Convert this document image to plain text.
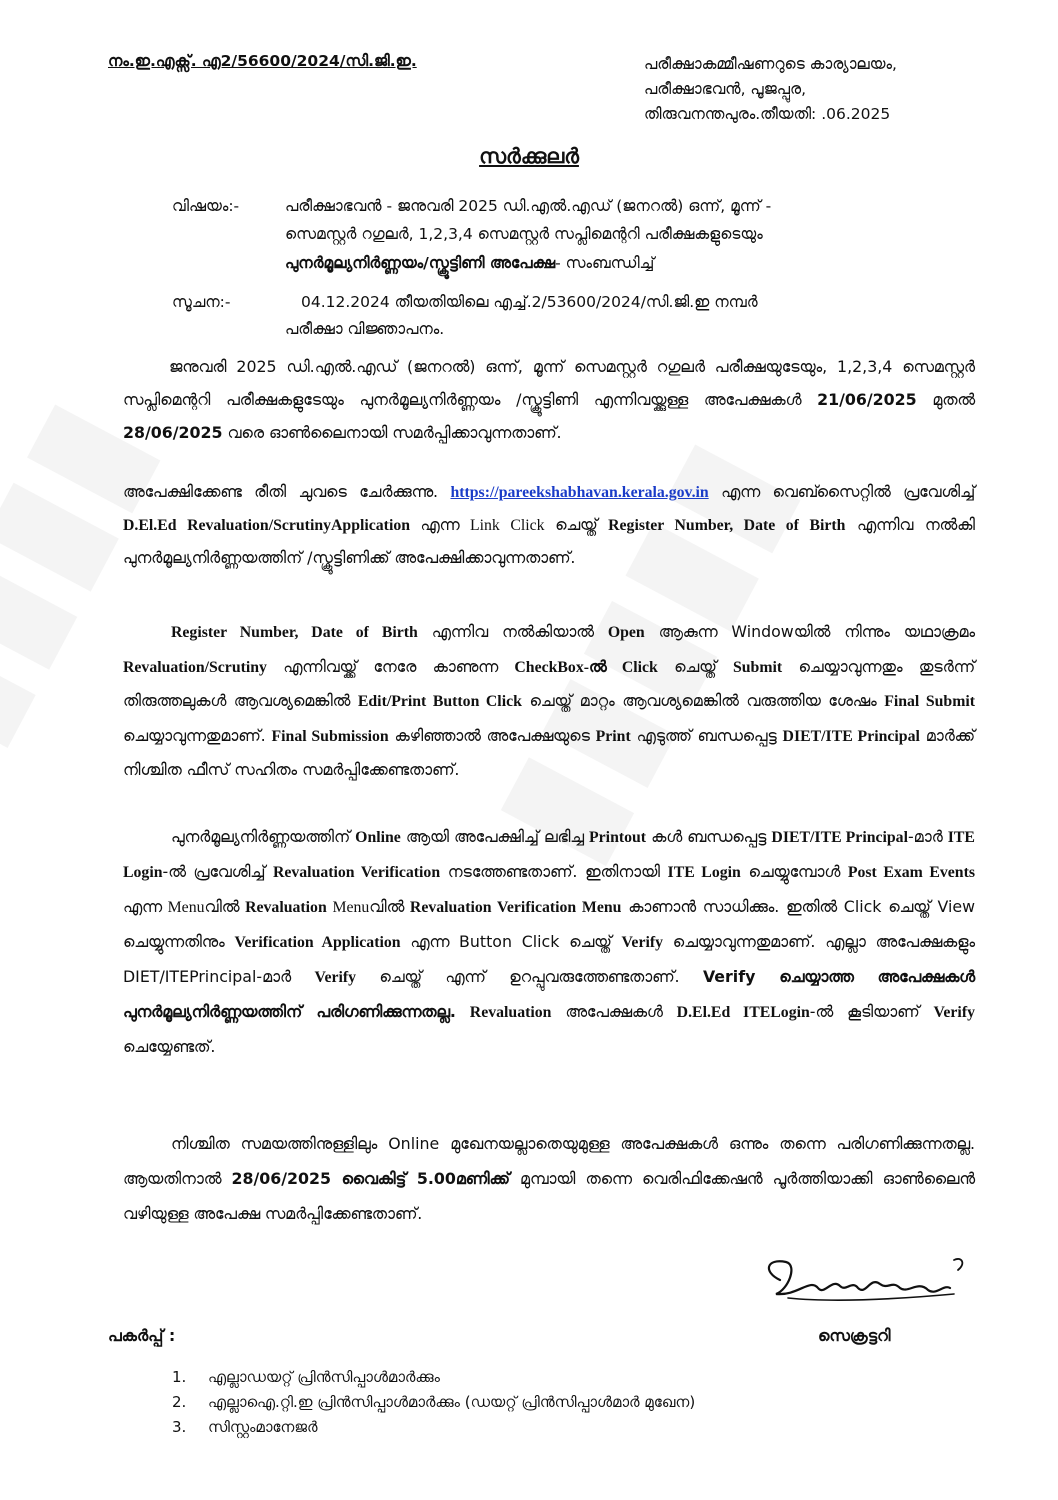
നം.ഇ.എക്സ്. എ2/56600/2024/സി.ജി.ഇ.	പരീക്ഷാകമ്മീഷണറുടെ കാര്യാലയം,
പരീക്ഷാഭവൻ, പൂജപ്പുര,
തിരുവനന്തപുരം.തീയതി: .06.2025
സർക്കുലർ
വിഷയം:-	പരീക്ഷാഭവൻ - ജനുവരി 2025 ഡി.എൽ.എഡ് (ജനറൽ) ഒന്ന്, മൂന്ന് -
സെമസ്റ്റർ റഗുലർ, 1,2,3,4 സെമസ്റ്റർ സപ്ലിമെന്ററി പരീക്ഷകളുടെയും
പുനർമൂല്യനിർണ്ണയം/സ്ക്രൂട്ടിണി അപേക്ഷ- സംബന്ധിച്ച്
സൂചന:-	04.12.2024 തീയതിയിലെ എച്ച്.2/53600/2024/സി.ജി.ഇ നമ്പർ
പരീക്ഷാ വിജ്ഞാപനം.
ജനുവരി 2025 ഡി.എൽ.എഡ് (ജനറൽ) ഒന്ന്, മൂന്ന് സെമസ്റ്റർ റഗുലർ പരീക്ഷയുടേയും, 1,2,3,4 സെമസ്റ്റർ സപ്ലിമെന്ററി പരീക്ഷകളുടേയും പുനർമൂല്യനിർണ്ണയം /സ്ക്രൂട്ടിണി എന്നിവയ്ക്കുള്ള അപേക്ഷകൾ 21/06/2025 മുതൽ 28/06/2025 വരെ ഓൺലൈനായി സമർപ്പിക്കാവുന്നതാണ്.
അപേക്ഷിക്കേണ്ട രീതി ചുവടെ ചേർക്കുന്നു. https://pareekshabhavan.kerala.gov.in എന്ന വെബ്സൈറ്റിൽ പ്രവേശിച്ച് D.El.Ed Revaluation/ScrutinyApplication എന്ന Link Click ചെയ്ത് Register Number, Date of Birth എന്നിവ നൽകി പുനർമൂല്യനിർണ്ണയത്തിന് /സ്ക്രൂട്ടിണിക്ക് അപേക്ഷിക്കാവുന്നതാണ്.
Register Number, Date of Birth എന്നിവ നൽകിയാൽ Open ആകുന്ന Windowയിൽ നിന്നും യഥാക്രമം Revaluation/Scrutiny എന്നിവയ്ക്ക് നേരേ കാണുന്ന CheckBox-ൽ Click ചെയ്ത് Submit ചെയ്യാവുന്നതും തുടർന്ന് തിരുത്തലുകൾ ആവശ്യമെങ്കിൽ Edit/Print Button Click ചെയ്ത് മാറ്റം ആവശ്യമെങ്കിൽ വരുത്തിയ ശേഷം Final Submit ചെയ്യാവുന്നതുമാണ്. Final Submission കഴിഞ്ഞാൽ അപേക്ഷയുടെ Print എടുത്ത് ബന്ധപ്പെട്ട DIET/ITE Principal മാർക്ക് നിശ്ചിത ഫീസ് സഹിതം സമർപ്പിക്കേണ്ടതാണ്.
പുനർമൂല്യനിർണ്ണയത്തിന് Online ആയി അപേക്ഷിച്ച് ലഭിച്ച Printout കൾ ബന്ധപ്പെട്ട DIET/ITE Principal-മാർ ITE Login-ൽ പ്രവേശിച്ച് Revaluation Verification നടത്തേണ്ടതാണ്. ഇതിനായി ITE Login ചെയ്യുമ്പോൾ Post Exam Events എന്ന Menuവിൽ Revaluation Menuവിൽ Revaluation Verification Menu കാണാൻ സാധിക്കും. ഇതിൽ Click ചെയ്ത് View ചെയ്യുന്നതിനും Verification Application എന്ന Button Click ചെയ്ത് Verify ചെയ്യാവുന്നതുമാണ്. എല്ലാ അപേക്ഷകളും DIET/ITEPrincipal-മാർ Verify ചെയ്ത് എന്ന് ഉറപ്പുവരുത്തേണ്ടതാണ്. Verify ചെയ്യാത്ത അപേക്ഷകൾ പുനർമൂല്യനിർണ്ണയത്തിന് പരിഗണിക്കുന്നതല്ല. Revaluation അപേക്ഷകൾ D.El.Ed ITELogin-ൽ കൂടിയാണ് Verify ചെയ്യേണ്ടത്.
നിശ്ചിത സമയത്തിനുള്ളിലും Online മുഖേനയല്ലാതെയുമുള്ള അപേക്ഷകൾ ഒന്നും തന്നെ പരിഗണിക്കുന്നതല്ല. ആയതിനാൽ 28/06/2025 വൈകിട്ട് 5.00മണിക്ക് മുമ്പായി തന്നെ വെരിഫിക്കേഷൻ പൂർത്തിയാക്കി ഓൺലൈൻ വഴിയുള്ള അപേക്ഷ സമർപ്പിക്കേണ്ടതാണ്.
പകർപ്പ് :	സെക്രട്ടറി
1. എല്ലാഡയറ്റ് പ്രിൻസിപ്പാൾമാർക്കും
2. എല്ലാഐ.റ്റി.ഇ പ്രിൻസിപ്പാൾമാർക്കും (ഡയറ്റ് പ്രിൻസിപ്പാൾമാർ മുഖേന)
3. സിസ്റ്റംമാനേജർ
